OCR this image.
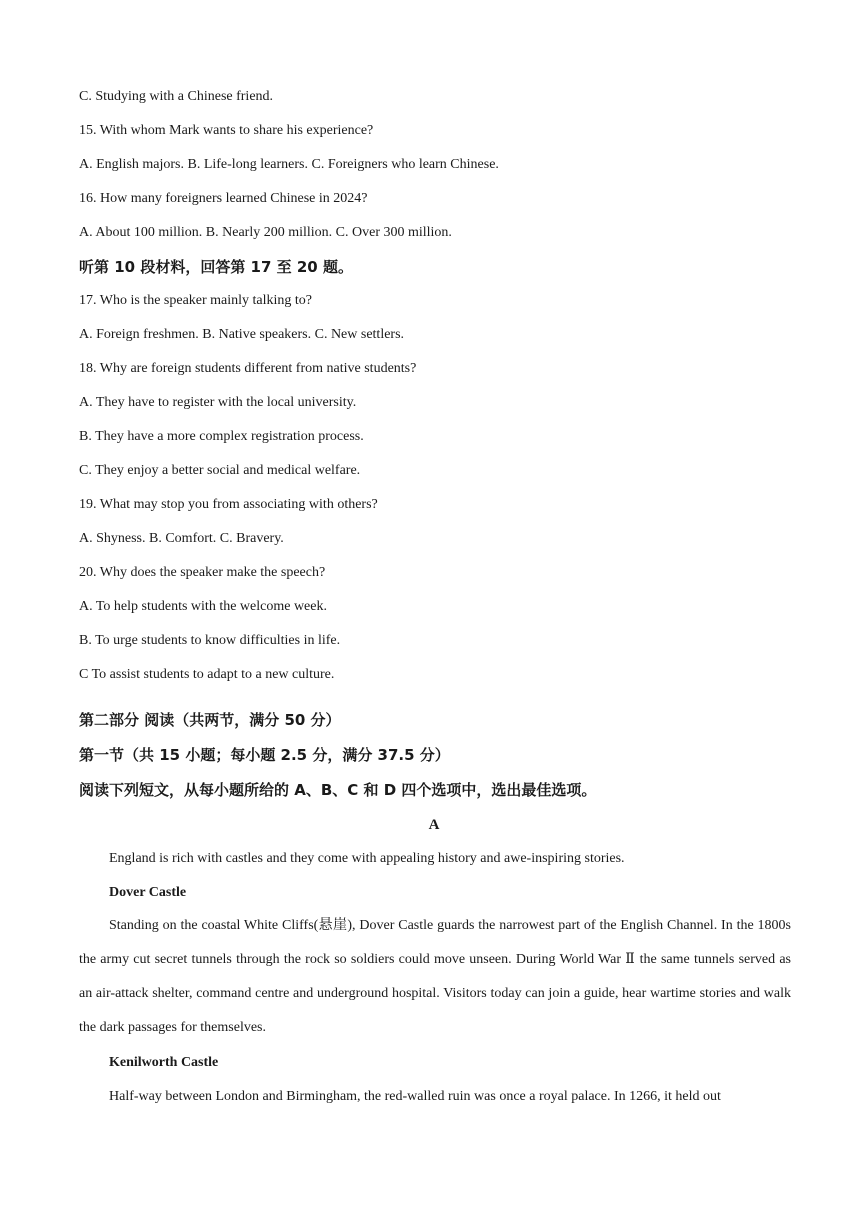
C. Studying with a Chinese friend.
15. With whom Mark wants to share his experience?
A. English majors. B. Life-long learners. C. Foreigners who learn Chinese.
16. How many foreigners learned Chinese in 2024?
A. About 100 million. B. Nearly 200 million. C. Over 300 million.
听第 10 段材料，回答第 17 至 20 题。
17. Who is the speaker mainly talking to?
A. Foreign freshmen. B. Native speakers. C. New settlers.
18. Why are foreign students different from native students?
A. They have to register with the local university.
B. They have a more complex registration process.
C. They enjoy a better social and medical welfare.
19. What may stop you from associating with others?
A. Shyness. B. Comfort. C. Bravery.
20. Why does the speaker make the speech?
A. To help students with the welcome week.
B. To urge students to know difficulties in life.
C To assist students to adapt to a new culture.
第二部分 阅读（共两节，满分 50 分）
第一节（共 15 小题；每小题 2.5 分，满分 37.5 分）
阅读下列短文，从每小题所给的 A、B、C 和 D 四个选项中，选出最佳选项。
A
England is rich with castles and they come with appealing history and awe-inspiring stories.
Dover Castle
Standing on the coastal White Cliffs(悬崖), Dover Castle guards the narrowest part of the English Channel. In the 1800s the army cut secret tunnels through the rock so soldiers could move unseen. During World War Ⅱ the same tunnels served as an air-attack shelter, command centre and underground hospital. Visitors today can join a guide, hear wartime stories and walk the dark passages for themselves.
Kenilworth Castle
Half-way between London and Birmingham, the red-walled ruin was once a royal palace. In 1266, it held out
